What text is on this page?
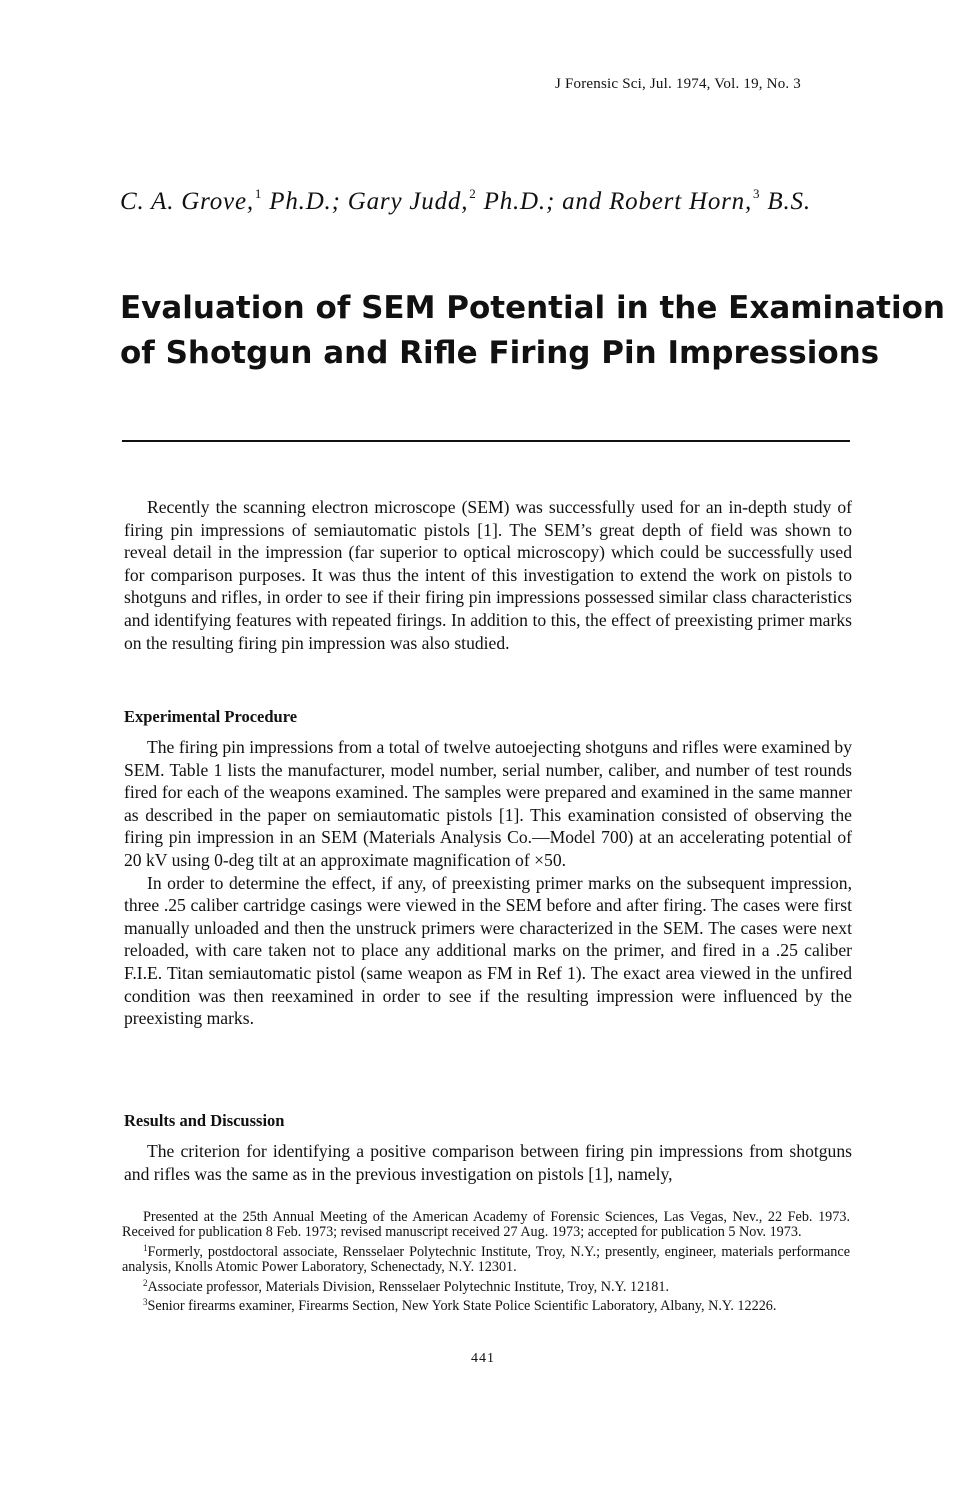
J Forensic Sci, Jul. 1974, Vol. 19, No. 3
C. A. Grove,$^1$ Ph.D.; Gary Judd,$^2$ Ph.D.; and Robert Horn,$^3$ B.S.
Evaluation of SEM Potential in the Examination
of Shotgun and Rifle Firing Pin Impressions

Recently the scanning electron microscope (SEM) was successfully used for an in-depth study of firing pin impressions of semiautomatic pistols [1]. The SEM’s great depth of field was shown to reveal detail in the impression (far superior to optical microscopy) which could be successfully used for comparison purposes. It was thus the intent of this investigation to extend the work on pistols to shotguns and rifles, in order to see if their firing pin impressions possessed similar class characteristics and identifying features with repeated firings. In addition to this, the effect of preexisting primer marks on the resulting firing pin impression was also studied.

Experimental Procedure

The firing pin impressions from a total of twelve autoejecting shotguns and rifles were examined by SEM. Table 1 lists the manufacturer, model number, serial number, caliber, and number of test rounds fired for each of the weapons examined. The samples were prepared and examined in the same manner as described in the paper on semiautomatic pistols [1]. This examination consisted of observing the firing pin impression in an SEM (Materials Analysis Co.—Model 700) at an accelerating potential of 20 kV using 0-deg tilt at an approximate magnification of ×50.

In order to determine the effect, if any, of preexisting primer marks on the subsequent impression, three .25 caliber cartridge casings were viewed in the SEM before and after firing. The cases were first manually unloaded and then the unstruck primers were characterized in the SEM. The cases were next reloaded, with care taken not to place any additional marks on the primer, and fired in a .25 caliber F.I.E. Titan semiautomatic pistol (same weapon as FM in Ref 1). The exact area viewed in the unfired condition was then reexamined in order to see if the resulting impression were influenced by the preexisting marks.

Results and Discussion

The criterion for identifying a positive comparison between firing pin impressions from shotguns and rifles was the same as in the previous investigation on pistols [1], namely,

Presented at the 25th Annual Meeting of the American Academy of Forensic Sciences, Las Vegas, Nev., 22 Feb. 1973. Received for publication 8 Feb. 1973; revised manuscript received 27 Aug. 1973; accepted for publication 5 Nov. 1973.

$^1$Formerly, postdoctoral associate, Rensselaer Polytechnic Institute, Troy, N.Y.; presently, engineer, materials performance analysis, Knolls Atomic Power Laboratory, Schenectady, N.Y. 12301.

$^2$Associate professor, Materials Division, Rensselaer Polytechnic Institute, Troy, N.Y. 12181.

$^3$Senior firearms examiner, Firearms Section, New York State Police Scientific Laboratory, Albany, N.Y. 12226.

441
